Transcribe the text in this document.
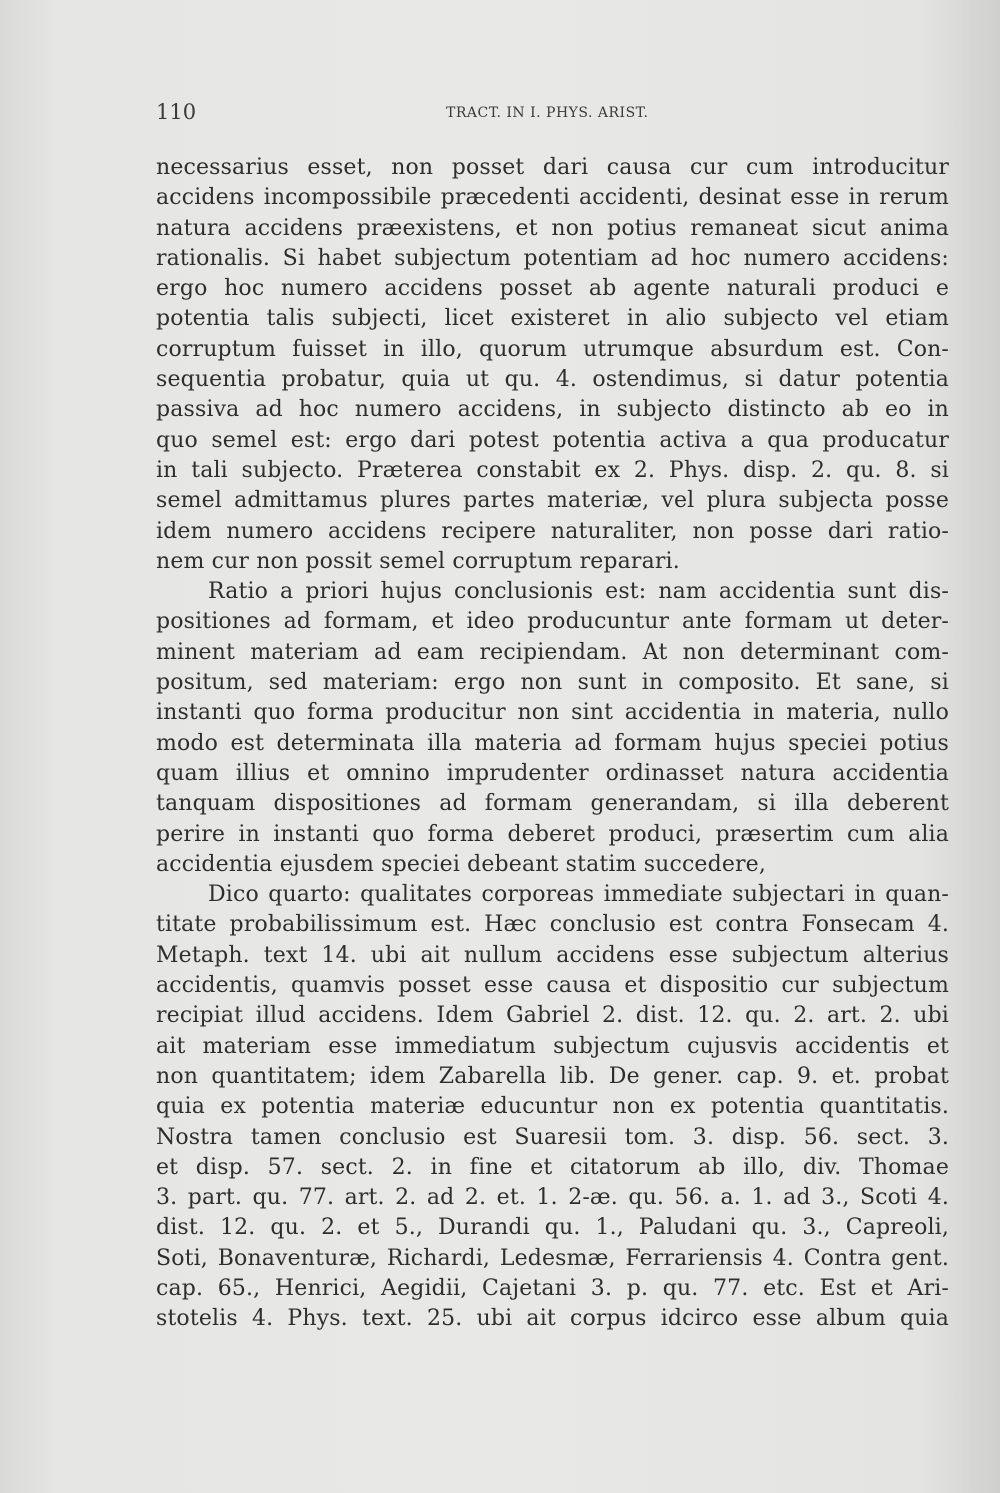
110	TRACT. IN I. PHYS. ARIST.

necessarius esset, non posset dari causa cur cum introducitur
accidens incompossibile præcedenti accidenti, desinat esse in rerum
natura accidens præexistens, et non potius remaneat sicut anima
rationalis. Si habet subjectum potentiam ad hoc numero accidens:
ergo hoc numero accidens posset ab agente naturali produci e
potentia talis subjecti, licet existeret in alio subjecto vel etiam
corruptum fuisset in illo, quorum utrumque absurdum est. Con-
sequentia probatur, quia ut qu. 4. ostendimus, si datur potentia
passiva ad hoc numero accidens, in subjecto distincto ab eo in
quo semel est: ergo dari potest potentia activa a qua producatur
in tali subjecto. Præterea constabit ex 2. Phys. disp. 2. qu. 8. si
semel admittamus plures partes materiæ, vel plura subjecta posse
idem numero accidens recipere naturaliter, non posse dari ratio-
nem cur non possit semel corruptum reparari.

Ratio a priori hujus conclusionis est: nam accidentia sunt dis-
positiones ad formam, et ideo producuntur ante formam ut deter-
minent materiam ad eam recipiendam. At non determinant com-
positum, sed materiam: ergo non sunt in composito. Et sane, si
instanti quo forma producitur non sint accidentia in materia, nullo
modo est determinata illa materia ad formam hujus speciei potius
quam illius et omnino imprudenter ordinasset natura accidentia
tanquam dispositiones ad formam generandam, si illa deberent
perire in instanti quo forma deberet produci, præsertim cum alia
accidentia ejusdem speciei debeant statim succedere,

Dico quarto: qualitates corporeas immediate subjectari in quan-
titate probabilissimum est. Hæc conclusio est contra Fonsecam 4.
Metaph. text 14. ubi ait nullum accidens esse subjectum alterius
accidentis, quamvis posset esse causa et dispositio cur subjectum
recipiat illud accidens. Idem Gabriel 2. dist. 12. qu. 2. art. 2. ubi
ait materiam esse immediatum subjectum cujusvis accidentis et
non quantitatem; idem Zabarella lib. De gener. cap. 9. et. probat
quia ex potentia materiæ educuntur non ex potentia quantitatis.
Nostra tamen conclusio est Suaresii tom. 3. disp. 56. sect. 3.
et disp. 57. sect. 2. in fine et citatorum ab illo, div. Thomae
3. part. qu. 77. art. 2. ad 2. et. 1. 2-æ. qu. 56. a. 1. ad 3., Scoti 4.
dist. 12. qu. 2. et 5., Durandi qu. 1., Paludani qu. 3., Capreoli,
Soti, Bonaventuræ, Richardi, Ledesmæ, Ferrariensis 4. Contra gent.
cap. 65., Henrici, Aegidii, Cajetani 3. p. qu. 77. etc. Est et Ari-
stotelis 4. Phys. text. 25. ubi ait corpus idcirco esse album quia
